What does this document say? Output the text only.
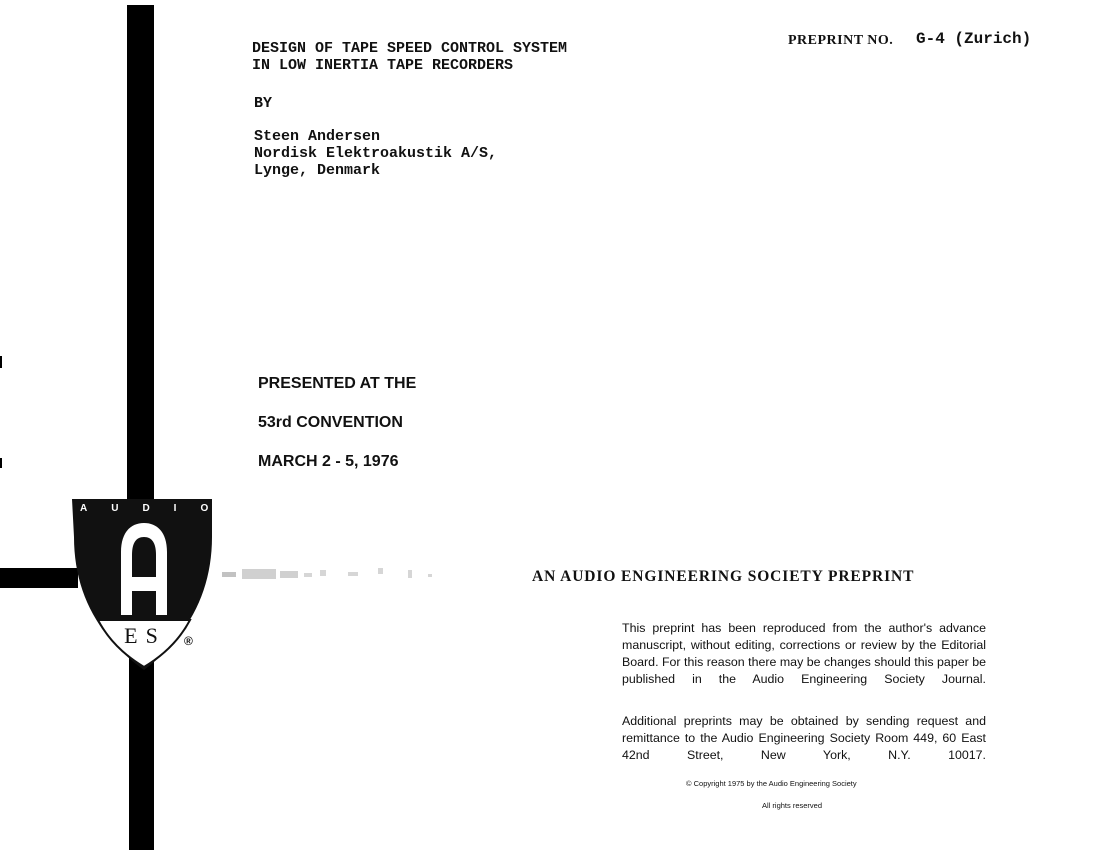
DESIGN OF TAPE SPEED CONTROL SYSTEM
IN LOW INERTIA TAPE RECORDERS
BY
Steen Andersen
Nordisk Elektroakustik A/S,
Lynge, Denmark
PREPRINT NO. G-4 (Zurich)
PRESENTED AT THE
53rd CONVENTION
MARCH 2 - 5, 1976
AUDIO
ES	®
AN AUDIO ENGINEERING SOCIETY PREPRINT
This preprint has been reproduced from the author's advance manuscript, without editing, corrections or review by the Editorial Board. For this reason there may be changes should this paper be published in the Audio Engineering Society Journal.
Additional preprints may be obtained by sending request and remittance to the Audio Engineering Society Room 449, 60 East 42nd Street, New York, N.Y. 10017.
© Copyright 1975 by the Audio Engineering Society
All rights reserved
